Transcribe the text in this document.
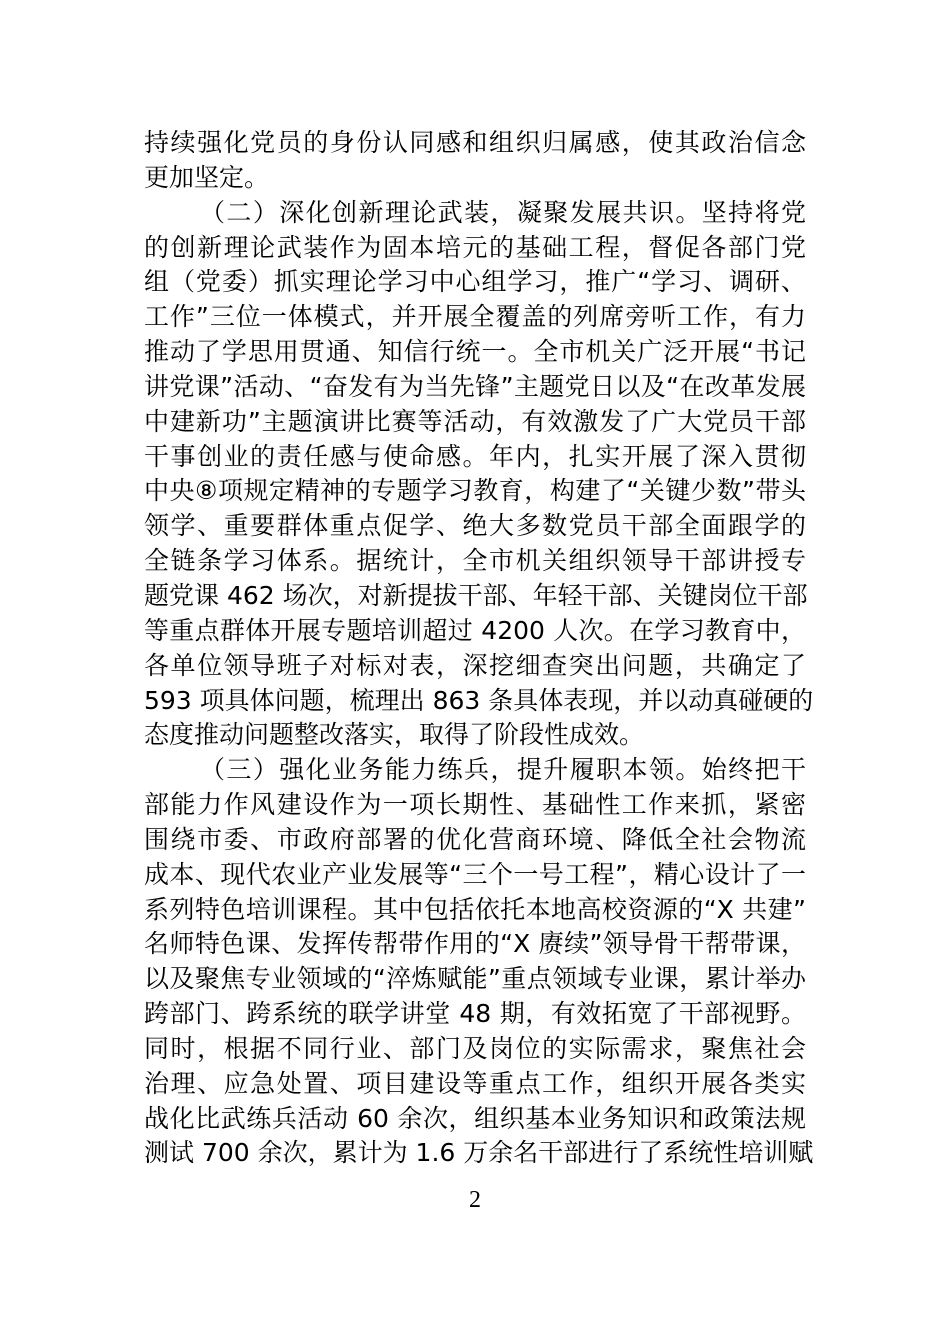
持续强化党员的身份认同感和组织归属感，使其政治信念
更加坚定。
（二）深化创新理论武装，凝聚发展共识。坚持将党
的创新理论武装作为固本培元的基础工程，督促各部门党
组（党委）抓实理论学习中心组学习，推广“学习、调研、
工作”三位一体模式，并开展全覆盖的列席旁听工作，有力
推动了学思用贯通、知信行统一。全市机关广泛开展“书记
讲党课”活动、“奋发有为当先锋”主题党日以及“在改革发展
中建新功”主题演讲比赛等活动，有效激发了广大党员干部
干事创业的责任感与使命感。年内，扎实开展了深入贯彻
中央⑧项规定精神的专题学习教育，构建了“关键少数”带头
领学、重要群体重点促学、绝大多数党员干部全面跟学的
全链条学习体系。据统计，全市机关组织领导干部讲授专
题党课 462 场次，对新提拔干部、年轻干部、关键岗位干部
等重点群体开展专题培训超过 4200 人次。在学习教育中，
各单位领导班子对标对表，深挖细查突出问题，共确定了
593 项具体问题，梳理出 863 条具体表现，并以动真碰硬的
态度推动问题整改落实，取得了阶段性成效。
（三）强化业务能力练兵，提升履职本领。始终把干
部能力作风建设作为一项长期性、基础性工作来抓，紧密
围绕市委、市政府部署的优化营商环境、降低全社会物流
成本、现代农业产业发展等“三个一号工程”，精心设计了一
系列特色培训课程。其中包括依托本地高校资源的“X 共建”
名师特色课、发挥传帮带作用的“X 赓续”领导骨干帮带课，
以及聚焦专业领域的“淬炼赋能”重点领域专业课，累计举办
跨部门、跨系统的联学讲堂 48 期，有效拓宽了干部视野。
同时，根据不同行业、部门及岗位的实际需求，聚焦社会
治理、应急处置、项目建设等重点工作，组织开展各类实
战化比武练兵活动 60 余次，组织基本业务知识和政策法规
测试 700 余次，累计为 1.6 万余名干部进行了系统性培训赋
2
